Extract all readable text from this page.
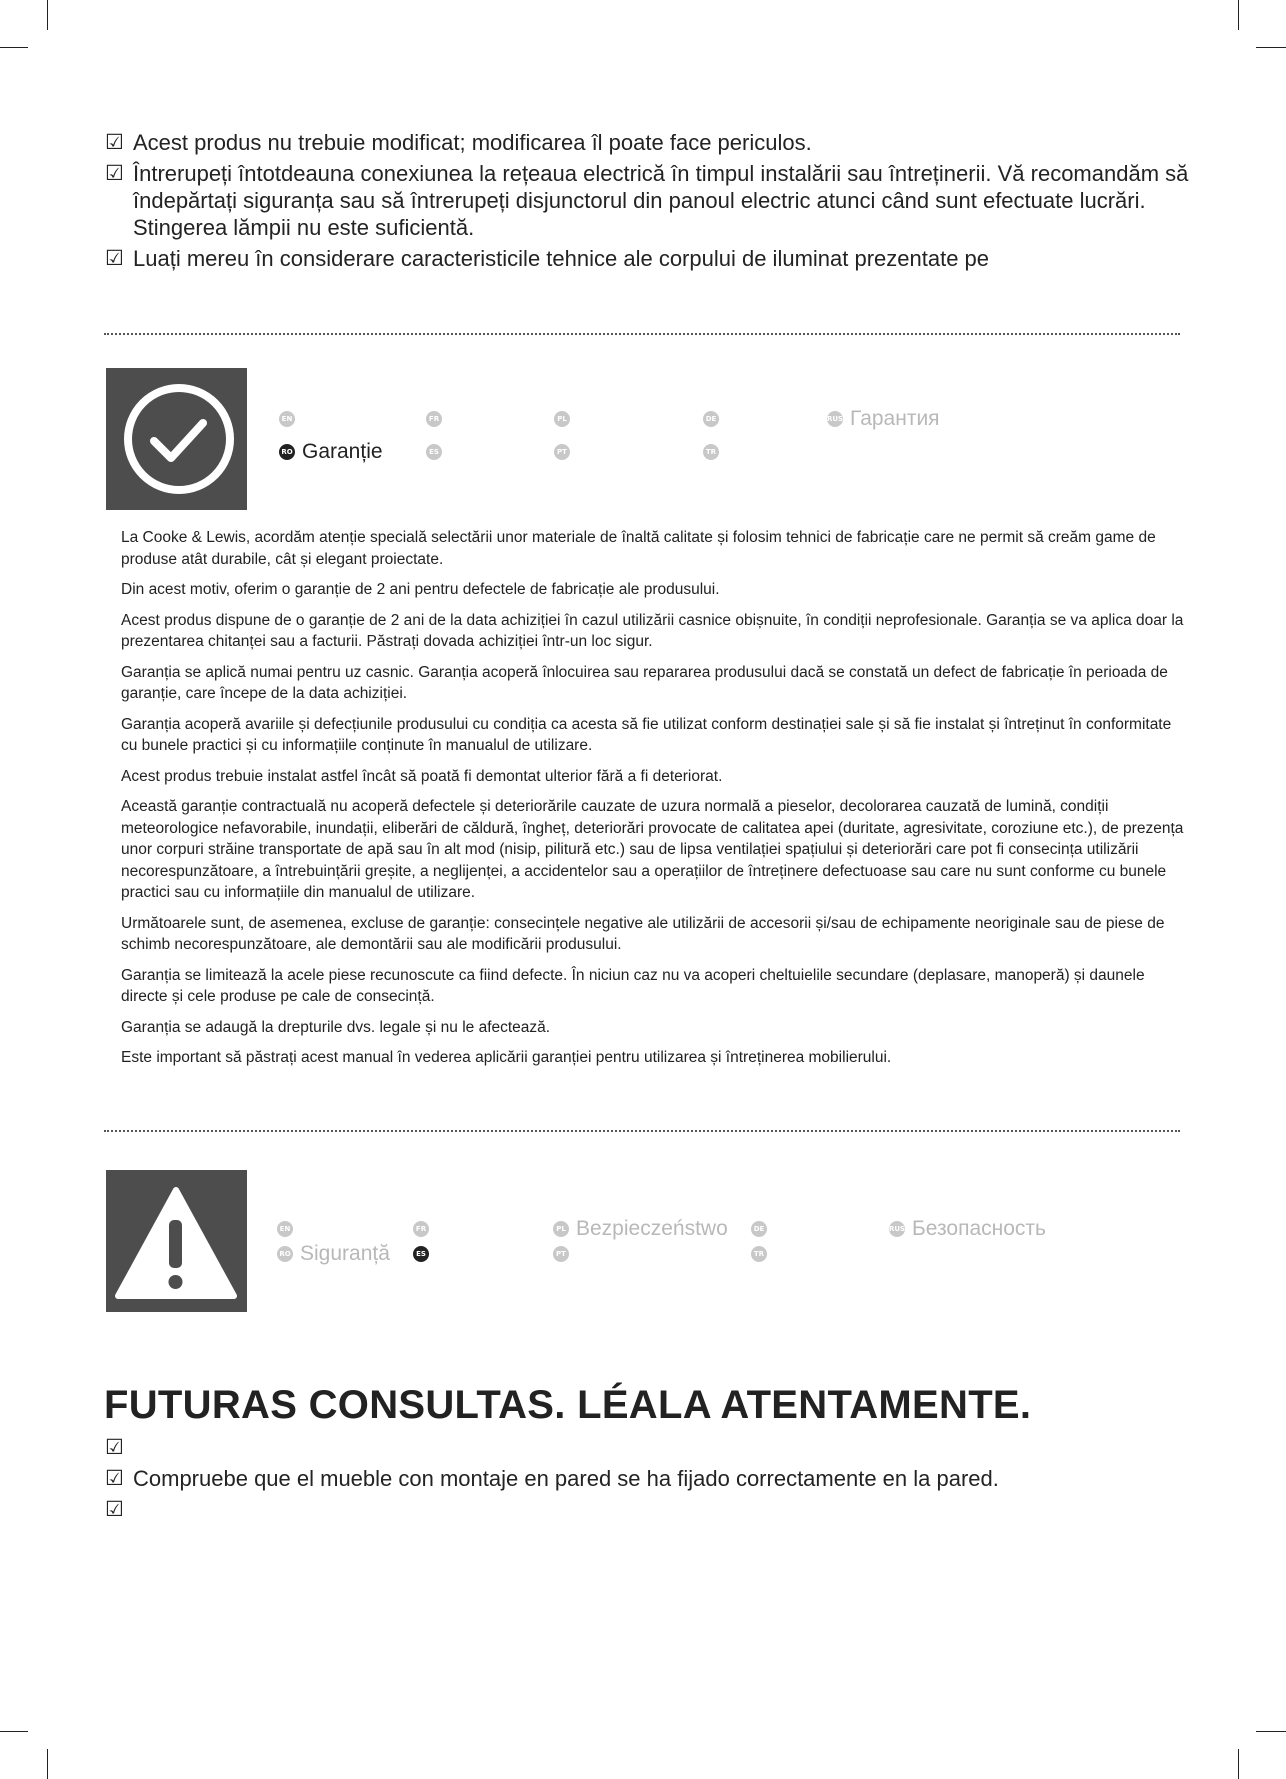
☑ Acest produs nu trebuie modificat; modificarea îl poate face periculos.
☑ Întrerupeți întotdeauna conexiunea la rețeaua electrică în timpul instalării sau întreținerii. Vă recomandăm să îndepărtați siguranța sau să întrerupeți disjunctorul din panoul electric atunci când sunt efectuate lucrări. Stingerea lămpii nu este suficientă.
☑ Luați mereu în considerare caracteristicile tehnice ale corpului de iluminat prezentate pe
EN	FR	PL	DE	RUS Гарантия
RO Garanție	ES	PT	TR

La Cooke & Lewis, acordăm atenție specială selectării unor materiale de înaltă calitate și folosim tehnici de fabricație care ne permit să creăm game de produse atât durabile, cât și elegant proiectate.

Din acest motiv, oferim o garanție de 2 ani pentru defectele de fabricație ale produsului.

Acest produs dispune de o garanție de 2 ani de la data achiziției în cazul utilizării casnice obișnuite, în condiții neprofesionale. Garanția se va aplica doar la prezentarea chitanței sau a facturii. Păstrați dovada achiziției într-un loc sigur.

Garanția se aplică numai pentru uz casnic. Garanția acoperă înlocuirea sau repararea produsului dacă se constată un defect de fabricație în perioada de garanție, care începe de la data achiziției.

Garanția acoperă avariile și defecțiunile produsului cu condiția ca acesta să fie utilizat conform destinației sale și să fie instalat și întreținut în conformitate cu bunele practici și cu informațiile conținute în manualul de utilizare.

Acest produs trebuie instalat astfel încât să poată fi demontat ulterior fără a fi deteriorat.

Această garanție contractuală nu acoperă defectele și deteriorările cauzate de uzura normală a pieselor, decolorarea cauzată de lumină, condiții meteorologice nefavorabile, inundații, eliberări de căldură, îngheț, deteriorări provocate de calitatea apei (duritate, agresivitate, coroziune etc.), de prezența unor corpuri străine transportate de apă sau în alt mod (nisip, pilitură etc.) sau de lipsa ventilației spațiului și deteriorări care pot fi consecința utilizării necorespunzătoare, a întrebuințării greșite, a neglijenței, a accidentelor sau a operațiilor de întreținere defectuoase sau care nu sunt conforme cu bunele practici sau cu informațiile din manualul de utilizare.

Următoarele sunt, de asemenea, excluse de garanție: consecințele negative ale utilizării de accesorii și/sau de echipamente neoriginale sau de piese de schimb necorespunzătoare, ale demontării sau ale modificării produsului.

Garanția se limitează la acele piese recunoscute ca fiind defecte. În niciun caz nu va acoperi cheltuielile secundare (deplasare, manoperă) și daunele directe și cele produse pe cale de consecință.

Garanția se adaugă la drepturile dvs. legale și nu le afectează.

Este important să păstrați acest manual în vederea aplicării garanției pentru utilizarea și întreținerea mobilierului.

EN	FR	PL Bezpieczeństwo	DE	RUS Безопасность
RO Siguranță	ES	PT	TR
FUTURAS CONSULTAS. LÉALA ATENTAMENTE.
☑
☑ Compruebe que el mueble con montaje en pared se ha fijado correctamente en la pared.
☑
